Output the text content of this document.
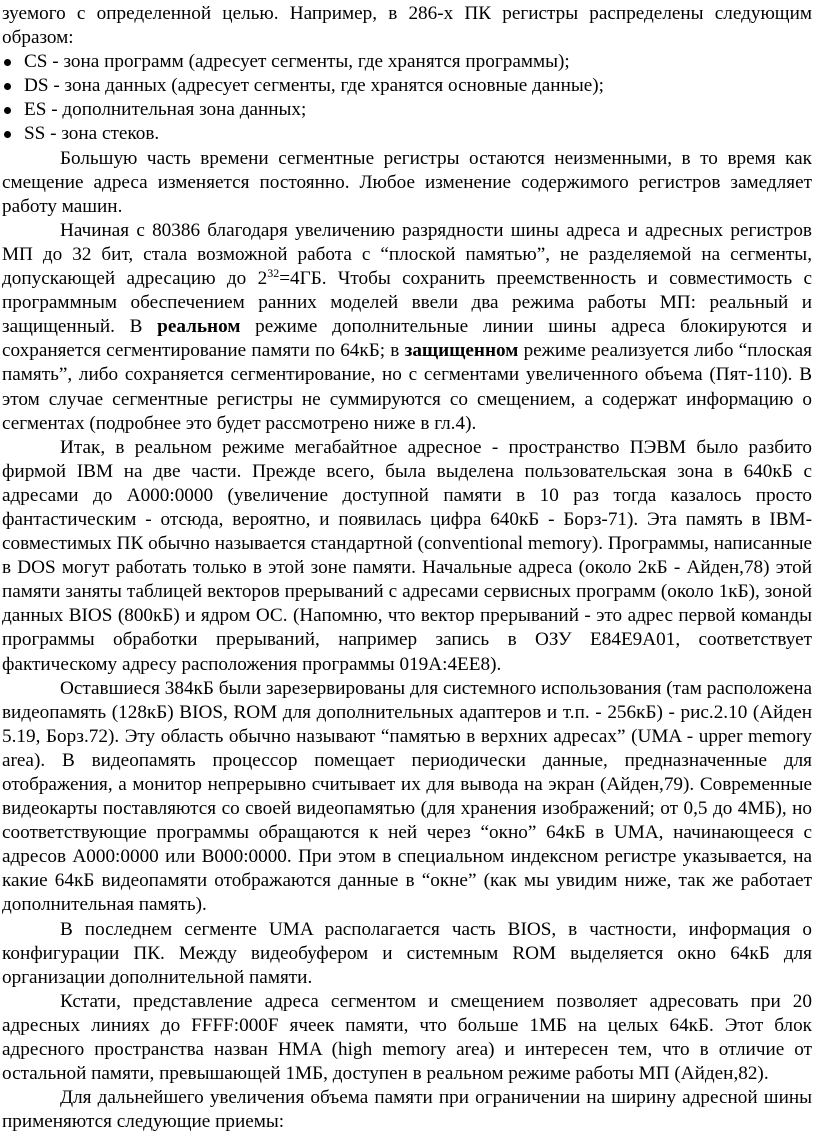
зуемого с определенной целью. Например, в 286-х ПК регистры распределены следующим образом:

CS - зона программ (адресует сегменты, где хранятся программы);
DS - зона данных (адресует сегменты, где хранятся основные данные);
ES - дополнительная зона данных;
SS - зона стеков.

Большую часть времени сегментные регистры остаются неизменными, в то время как смещение адреса изменяется постоянно. Любое изменение содержимого регистров замедляет работу машин.

Начиная с 80386 благодаря увеличению разрядности шины адреса и адресных регистров МП до 32 бит, стала возможной работа с “плоской памятью”, не разделяемой на сегменты, допускающей адресацию до $2^{32}=4ГБ$. Чтобы сохранить преемственность и совместимость с программным обеспечением ранних моделей ввели два режима работы МП: реальный и защищенный. В реальном режиме дополнительные линии шины адреса блокируются и сохраняется сегментирование памяти по 64кБ; в защищенном режиме реализуется либо “плоская память”, либо сохраняется сегментирование, но с сегментами увеличенного объема (Пят-110). В этом случае сегментные регистры не суммируются со смещением, а содержат информацию о сегментах (подробнее это будет рассмотрено ниже в гл.4).

Итак, в реальном режиме мегабайтное адресное - пространство ПЭВМ было разбито фирмой IBM на две части. Прежде всего, была выделена пользовательская зона в 640кБ с адресами до A000:0000 (увеличение доступной памяти в 10 раз тогда казалось просто фантастическим - отсюда, вероятно, и появилась цифра 640кБ - Борз-71). Эта память в IBM-совместимых ПК обычно называется стандартной (conventional memory). Программы, написанные в DOS могут работать только в этой зоне памяти. Начальные адреса (около 2кБ - Айден,78) этой памяти заняты таблицей векторов прерываний с адресами сервисных программ (около 1кБ), зоной данных BIOS (800кБ) и ядром ОС. (Напомню, что вектор прерываний - это адрес первой команды программы обработки прерываний, например запись в ОЗУ E84E9A01, соответствует фактическому адресу расположения программы 019A:4EE8).

Оставшиеся 384кБ были зарезервированы для системного использования (там расположена видеопамять (128кБ) BIOS, ROM для дополнительных адаптеров и т.п. - 256кБ) - рис.2.10 (Айден 5.19, Борз.72). Эту область обычно называют “памятью в верхних адресах” (UMA - upper memory area). В видеопамять процессор помещает периодически данные, предназначенные для отображения, а монитор непрерывно считывает их для вывода на экран (Айден,79). Современные видеокарты поставляются со своей видеопамятью (для хранения изображений; от 0,5 до 4МБ), но соответствующие программы обращаются к ней через “окно” 64кБ в UMA, начинающееся с адресов A000:0000 или B000:0000. При этом в специальном индексном регистре указывается, на какие 64кБ видеопамяти отображаются данные в “окне” (как мы увидим ниже, так же работает дополнительная память).

В последнем сегменте UMA располагается часть BIOS, в частности, информация о конфигурации ПК. Между видеобуфером и системным ROM выделяется окно 64кБ для организации дополнительной памяти.

Кстати, представление адреса сегментом и смещением позволяет адресовать при 20 адресных линиях до FFFF:000F ячеек памяти, что больше 1МБ на целых 64кБ. Этот блок адресного пространства назван HMA (high memory area) и интересен тем, что в отличие от остальной памяти, превышающей 1МБ, доступен в реальном режиме работы МП (Айден,82).

Для дальнейшего увеличения объема памяти при ограничении на ширину адресной шины применяются следующие приемы:
